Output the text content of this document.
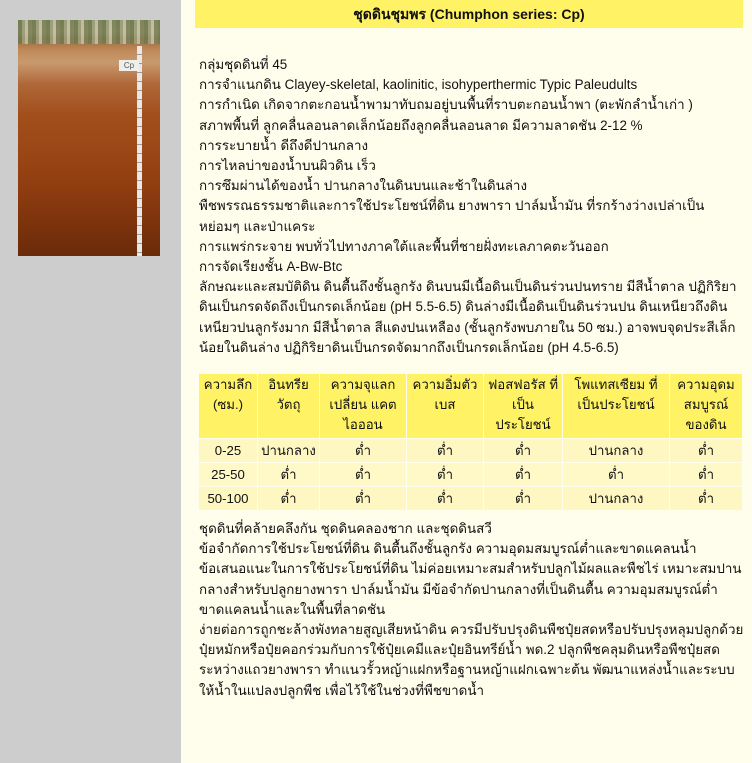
Cp
ชุดดินชุมพร (Chumphon series: Cp)

กลุ่มชุดดินที่ 45

การจำแนกดิน Clayey-skeletal, kaolinitic, isohyperthermic Typic Paleudults

การกำเนิด เกิดจากตะกอนน้ำพามาทับถมอยู่บนพื้นที่ราบตะกอนน้ำพา (ตะพักลำน้ำเก่า )

สภาพพื้นที่ ลูกคลื่นลอนลาดเล็กน้อยถึงลูกคลื่นลอนลาด มีความลาดชัน 2-12 %

การระบายน้ำ ดีถึงดีปานกลาง

การไหลบ่าของน้ำบนผิวดิน เร็ว

การซึมผ่านได้ของน้ำ ปานกลางในดินบนและช้าในดินล่าง

พืชพรรณธรรมชาติและการใช้ประโยชน์ที่ดิน ยางพารา ปาล์มน้ำมัน ที่รกร้างว่างเปล่าเป็น หย่อมๆ และป่าแคระ

การแพร่กระจาย พบทั่วไปทางภาคใต้และพื้นที่ชายฝั่งทะเลภาคตะวันออก

การจัดเรียงชั้น A-Bw-Btc

ลักษณะและสมบัติดิน ดินตื้นถึงชั้นลูกรัง ดินบนมีเนื้อดินเป็นดินร่วนปนทราย มีสีน้ำตาล ปฏิกิริยาดินเป็นกรดจัดถึงเป็นกรดเล็กน้อย (pH 5.5-6.5) ดินล่างมีเนื้อดินเป็นดินร่วนปน ดินเหนียวถึงดินเหนียวปนลูกรังมาก มีสีน้ำตาล สีแดงปนเหลือง (ชั้นลูกรังพบภายใน 50 ซม.) อาจพบจุดประสีเล็กน้อยในดินล่าง ปฏิกิริยาดินเป็นกรดจัดมากถึงเป็นกรดเล็กน้อย (pH 4.5-6.5)

ความลึก (ซม.)	อินทรีย วัตถุ	ความจุแลก เปลี่ยน แคตไอออน	ความอิ่มตัว เบส	ฟอสฟอรัส ที่เป็น ประโยชน์	โพแทสเซียม ที่เป็นประโยชน์	ความอุดม สมบูรณ์ ของดิน
0-25	ปานกลาง	ต่ำ	ต่ำ	ต่ำ	ปานกลาง	ต่ำ
25-50	ต่ำ	ต่ำ	ต่ำ	ต่ำ	ต่ำ	ต่ำ
50-100	ต่ำ	ต่ำ	ต่ำ	ต่ำ	ปานกลาง	ต่ำ

ชุดดินที่คล้ายคลึงกัน ชุดดินคลองชาก และชุดดินสวี

ข้อจำกัดการใช้ประโยชน์ที่ดิน ดินตื้นถึงชั้นลูกรัง ความอุดมสมบูรณ์ต่ำและขาดแคลนน้ำ

ข้อเสนอแนะในการใช้ประโยชน์ที่ดิน ไม่ค่อยเหมาะสมสำหรับปลูกไม้ผลและพืชไร่ เหมาะสมปานกลางสำหรับปลูกยางพารา ปาล์มน้ำมัน มีข้อจำกัดปานกลางที่เป็นดินตื้น ความอุมสมบูรณ์ต่ำ ขาดแคลนน้ำและในพื้นที่ลาดชัน

ง่ายต่อการถูกชะล้างพังทลายสูญเสียหน้าดิน ควรมีปรับปรุงดินพืชปุ๋ยสดหรือปรับปรุงหลุมปลูกด้วยปุ๋ยหมักหรือปุ๋ยคอกร่วมกับการใช้ปุ๋ยเคมีและปุ๋ยอินทรีย์น้ำ พด.2 ปลูกพืชคลุมดินหรือพืชปุ๋ยสดระหว่างแถวยางพารา ทำแนวรั้วหญ้าแฝกหรือฐานหญ้าแฝกเฉพาะต้น พัฒนาแหล่งน้ำและระบบให้น้ำในแปลงปลูกพืช เพื่อไว้ใช้ในช่วงที่พืชขาดน้ำ
